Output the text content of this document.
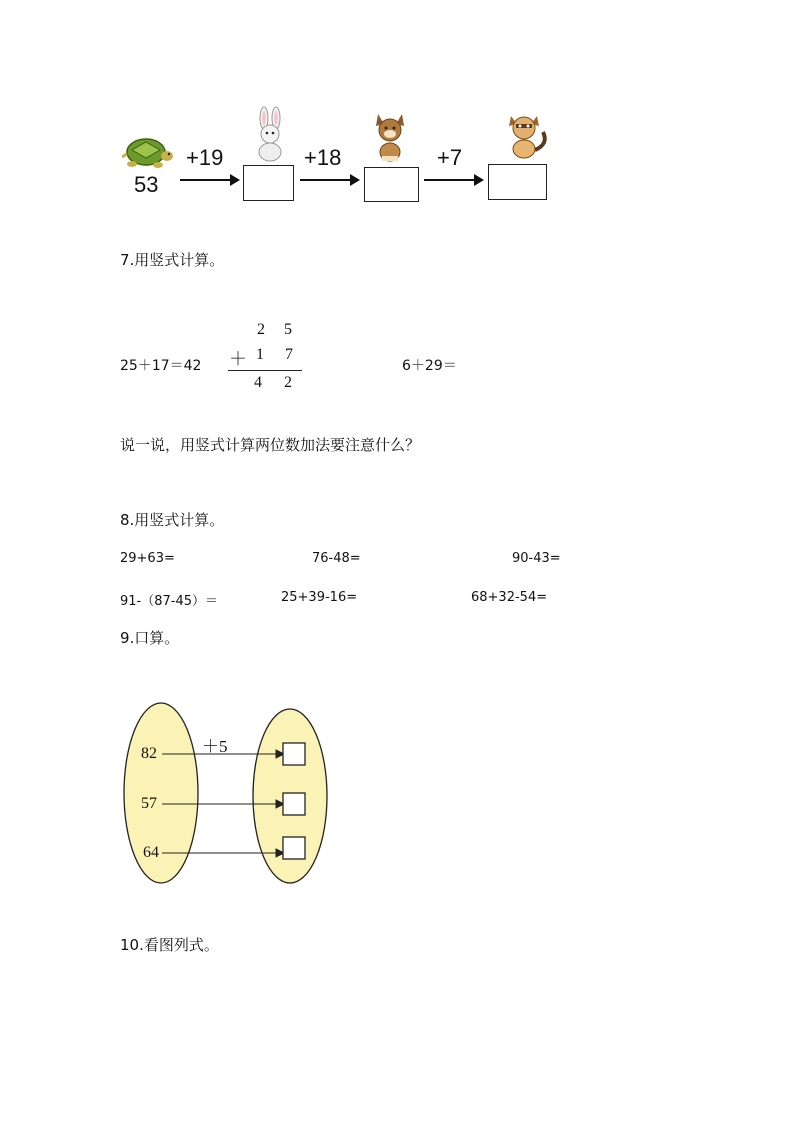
53
+19	+18	+7
7.用竖式计算。
25＋17＝42
2 5
＋ 1 7
4 2
6＋29＝
说一说，用竖式计算两位数加法要注意什么？
8.用竖式计算。
29+63=	76-48=	90-43=
91-（87-45）＝	25+39-16=	68+32-54=
9.口算。
＋5
82
57
64
10.看图列式。
